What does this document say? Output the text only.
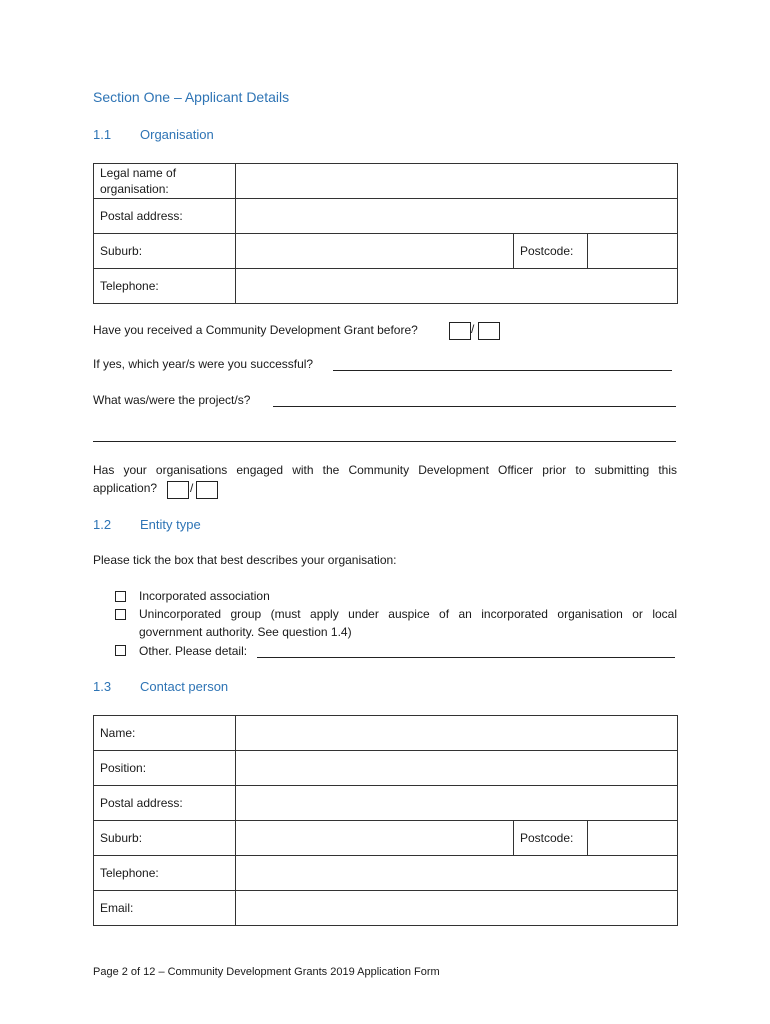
Section One – Applicant Details
1.1 Organisation
Legal name of
organisation:			
Postal address:			
Suburb:		Postcode:	
Telephone:			
Have you received a Community Development Grant before?	/
If yes, which year/s were you successful?
What was/were the project/s?
Has your organisations engaged with the Community Development Officer prior to submitting this
application?	/
1.2 Entity type
Please tick the box that best describes your organisation:
Incorporated association
Unincorporated group (must apply under auspice of an incorporated organisation or local
government authority. See question 1.4)
Other. Please detail:
1.3 Contact person
Name:			
Position:			
Postal address:			
Suburb:		Postcode:	
Telephone:			
Email:			
Page 2 of 12 – Community Development Grants 2019 Application Form
